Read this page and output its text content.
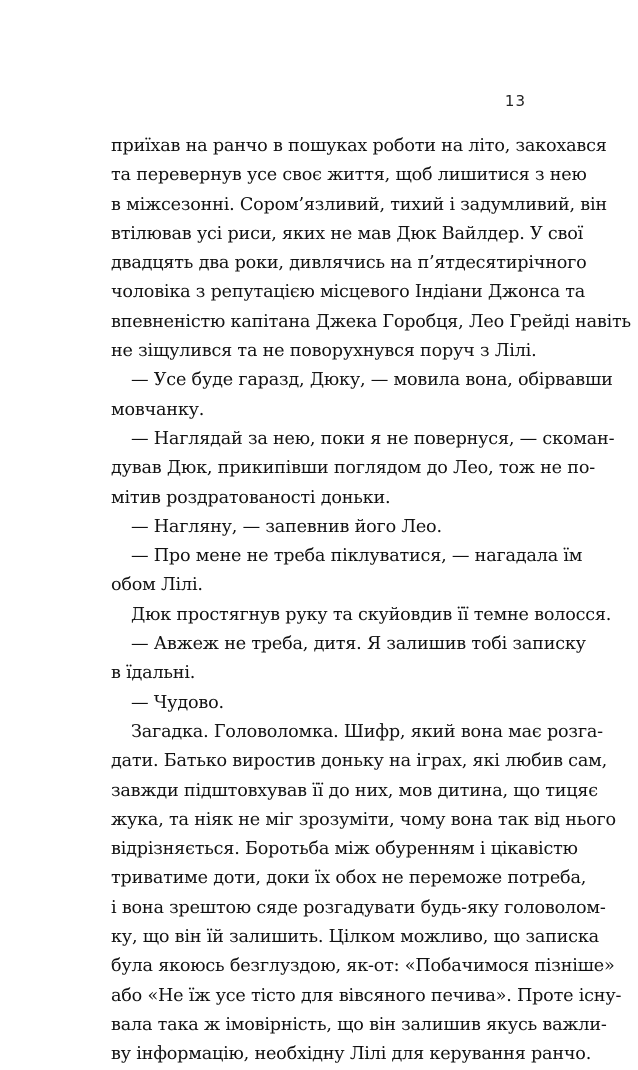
13
приїхав на ранчо в пошуках роботи на літо, закохався
та перевернув усе своє життя, щоб лишитися з нею
в міжсезонні. Сором’язливий, тихий і задумливий, він
втілював усі риси, яких не мав Дюк Вайлдер. У свої
двадцять два роки, дивлячись на п’ятдесятирічного
чоловіка з репутацією місцевого Індіани Джонса та
впевненістю капітана Джека Горобця, Лео Грейді навіть
не зіщулився та не поворухнувся поруч з Лілі.
— Усе буде гаразд, Дюку, — мовила вона, обірвавши
мовчанку.
— Наглядай за нею, поки я не повернуся, — скоман-
дував Дюк, прикипівши поглядом до Лео, тож не по-
мітив роздратованості доньки.
— Нагляну, — запевнив його Лео.
— Про мене не треба піклуватися, — нагадала їм
обом Лілі.
Дюк простягнув руку та скуйовдив її темне волосся.
— Авжеж не треба, дитя. Я залишив тобі записку
в їдальні.
— Чудово.
Загадка. Головоломка. Шифр, який вона має розга-
дати. Батько виростив доньку на іграх, які любив сам,
завжди підштовхував її до них, мов дитина, що тицяє
жука, та ніяк не міг зрозуміти, чому вона так від нього
відрізняється. Боротьба між обуренням і цікавістю
триватиме доти, доки їх обох не переможе потреба,
і вона зрештою сяде розгадувати будь-яку головолом-
ку, що він їй залишить. Цілком можливо, що записка
була якоюсь безглуздою, як-от: «Побачимося пізніше»
або «Не їж усе тісто для вівсяного печива». Проте існу-
вала така ж імовірність, що він залишив якусь важли-
ву інформацію, необхідну Лілі для керування ранчо.
